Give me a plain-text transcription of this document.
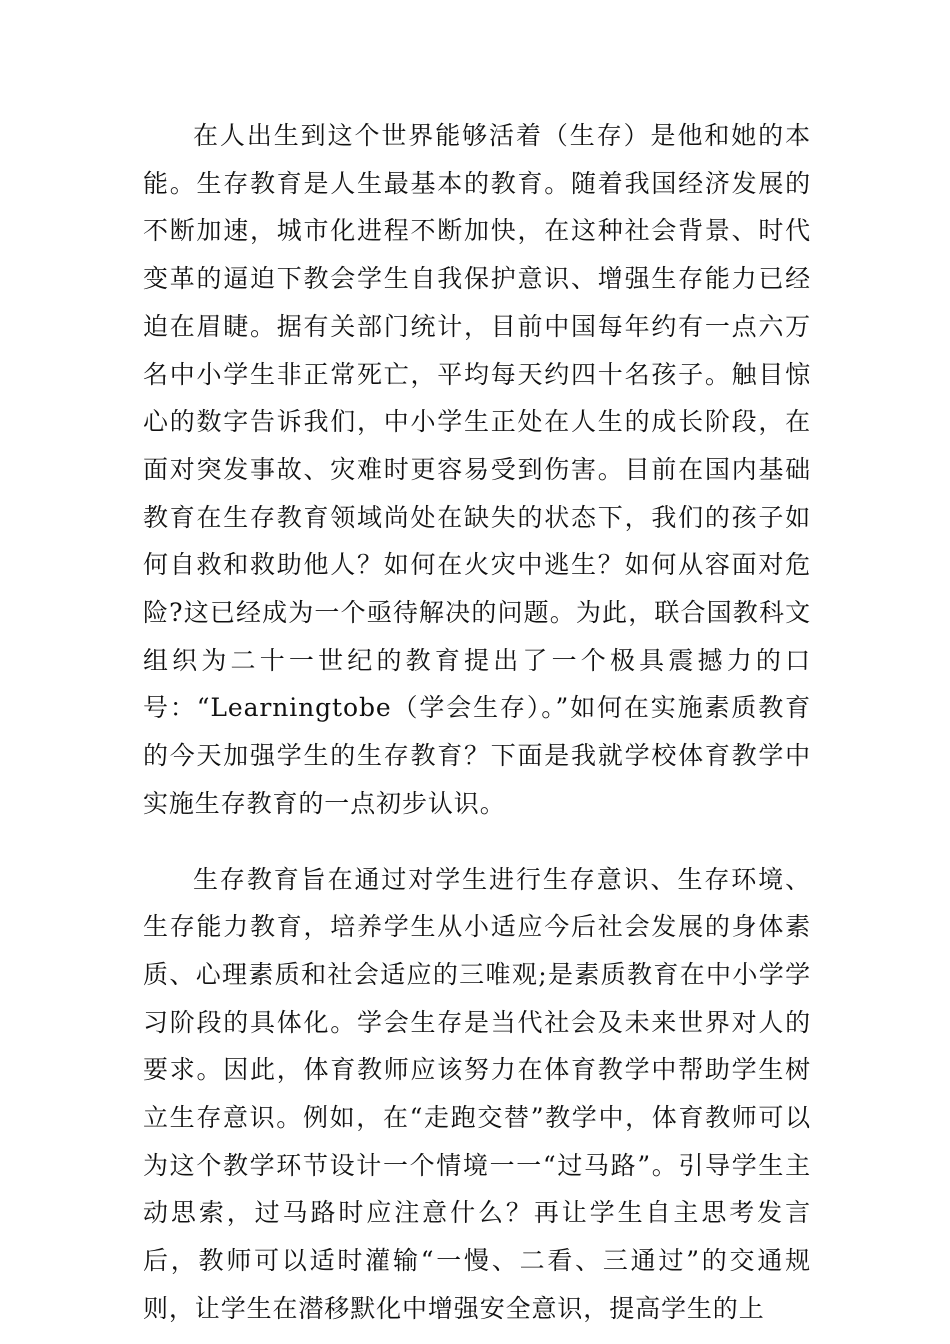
在人出生到这个世界能够活着（生存）是他和她的本能。生存教育是人生最基本的教育。随着我国经济发展的不断加速，城市化进程不断加快，在这种社会背景、时代变革的逼迫下教会学生自我保护意识、增强生存能力已经迫在眉睫。据有关部门统计，目前中国每年约有一点六万名中小学生非正常死亡，平均每天约四十名孩子。触目惊心的数字告诉我们，中小学生正处在人生的成长阶段，在面对突发事故、灾难时更容易受到伤害。目前在国内基础教育在生存教育领域尚处在缺失的状态下，我们的孩子如何自救和救助他人？如何在火灾中逃生？如何从容面对危险?这已经成为一个亟待解决的问题。为此，联合国教科文组织为二十一世纪的教育提出了一个极具震撼力的口号：“Learningtobe（学会生存）。”如何在实施素质教育的今天加强学生的生存教育？下面是我就学校体育教学中实施生存教育的一点初步认识。

生存教育旨在通过对学生进行生存意识、生存环境、生存能力教育，培养学生从小适应今后社会发展的身体素质、心理素质和社会适应的三唯观;是素质教育在中小学学习阶段的具体化。学会生存是当代社会及未来世界对人的要求。因此，体育教师应该努力在体育教学中帮助学生树立生存意识。例如，在“走跑交替”教学中，体育教师可以为这个教学环节设计一个情境一一“过马路”。引导学生主动思索，过马路时应注意什么？再让学生自主思考发言后，教师可以适时灌输“一慢、二看、三通过”的交通规则，让学生在潜移默化中增强安全意识，提高学生的上
